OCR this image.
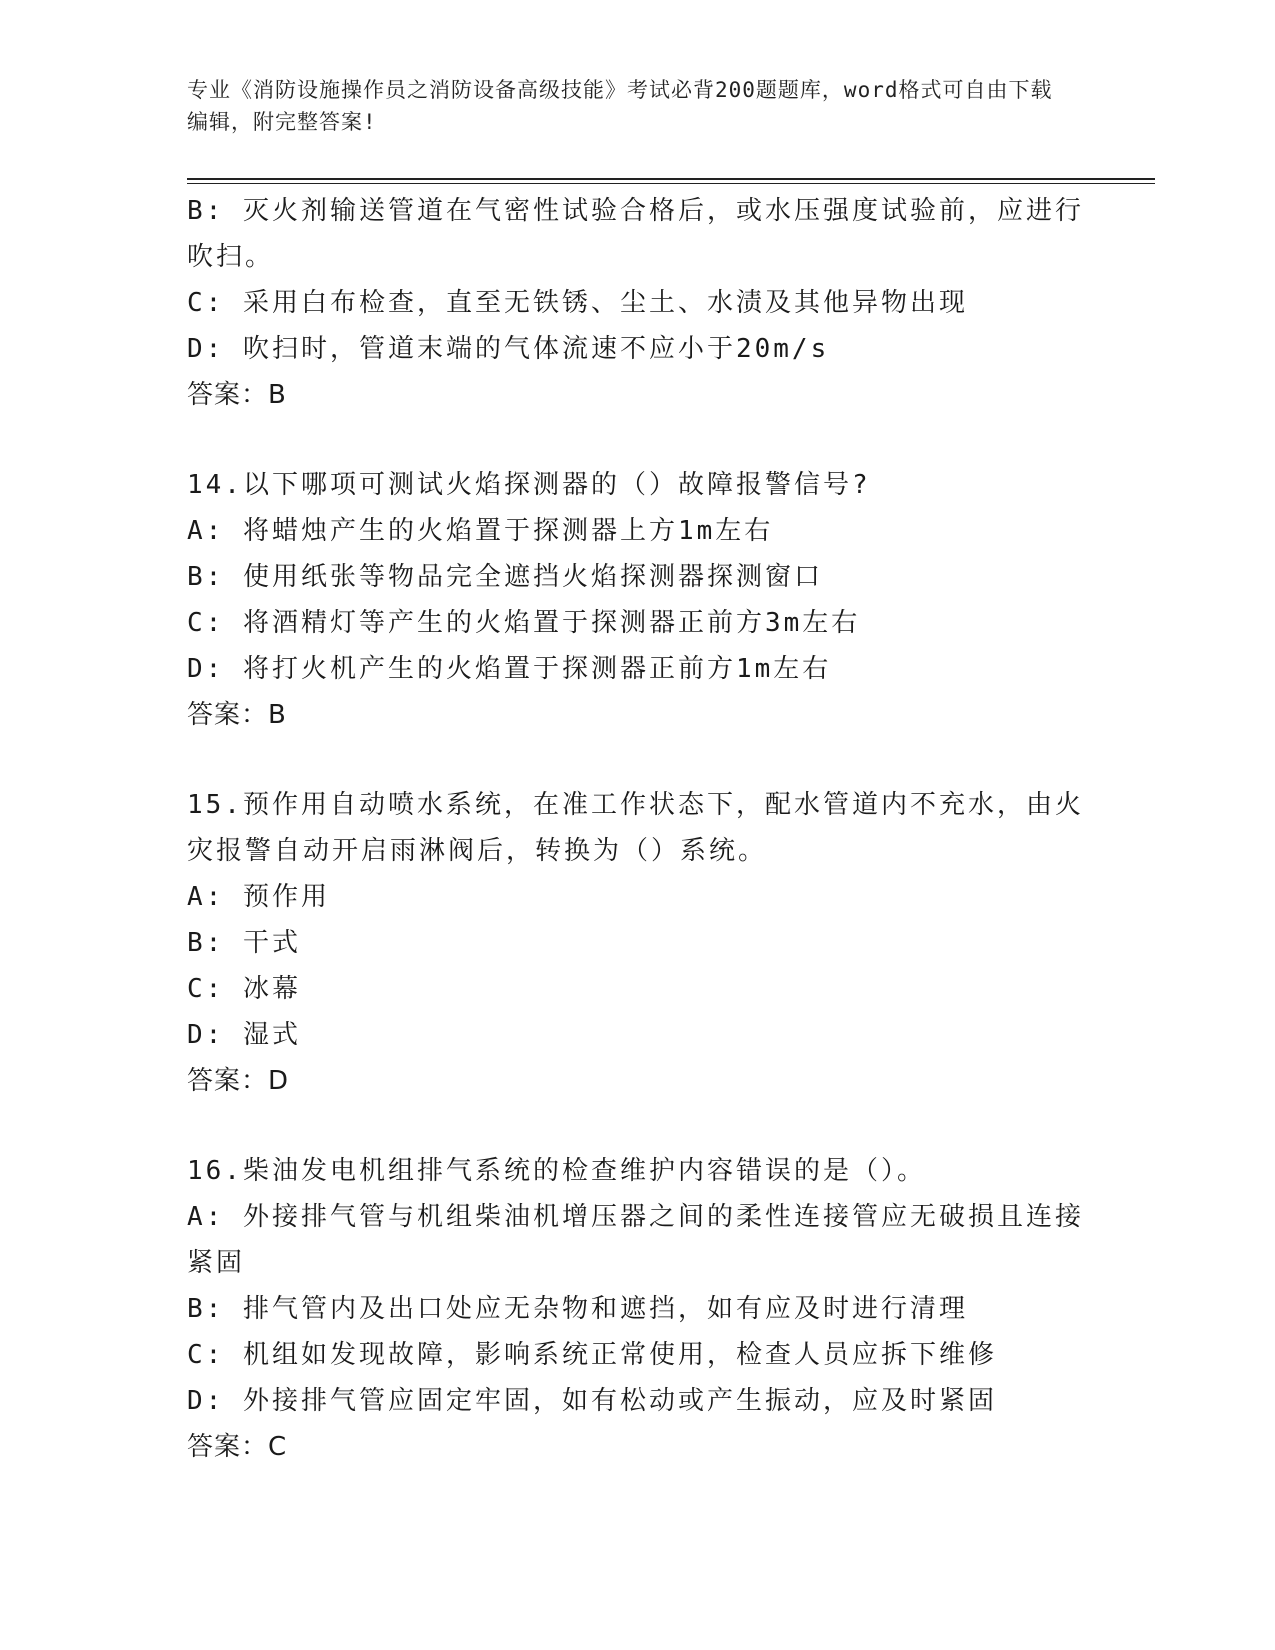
专业《消防设施操作员之消防设备高级技能》考试必背200题题库，word格式可自由下载编辑，附完整答案!
B: 灭火剂输送管道在气密性试验合格后，或水压强度试验前，应进行吹扫。
C: 采用白布检查，直至无铁锈、尘土、水渍及其他异物出现
D: 吹扫时，管道末端的气体流速不应小于20m/s
答案：B
14.以下哪项可测试火焰探测器的（）故障报警信号?
A: 将蜡烛产生的火焰置于探测器上方1m左右
B: 使用纸张等物品完全遮挡火焰探测器探测窗口
C: 将酒精灯等产生的火焰置于探测器正前方3m左右
D: 将打火机产生的火焰置于探测器正前方1m左右
答案：B
15.预作用自动喷水系统，在准工作状态下，配水管道内不充水，由火灾报警自动开启雨淋阀后，转换为（）系统。
A: 预作用
B: 干式
C: 冰幕
D: 湿式
答案：D
16.柴油发电机组排气系统的检查维护内容错误的是（）。
A: 外接排气管与机组柴油机增压器之间的柔性连接管应无破损且连接紧固
B: 排气管内及出口处应无杂物和遮挡，如有应及时进行清理
C: 机组如发现故障，影响系统正常使用，检查人员应拆下维修
D: 外接排气管应固定牢固，如有松动或产生振动，应及时紧固
答案：C
